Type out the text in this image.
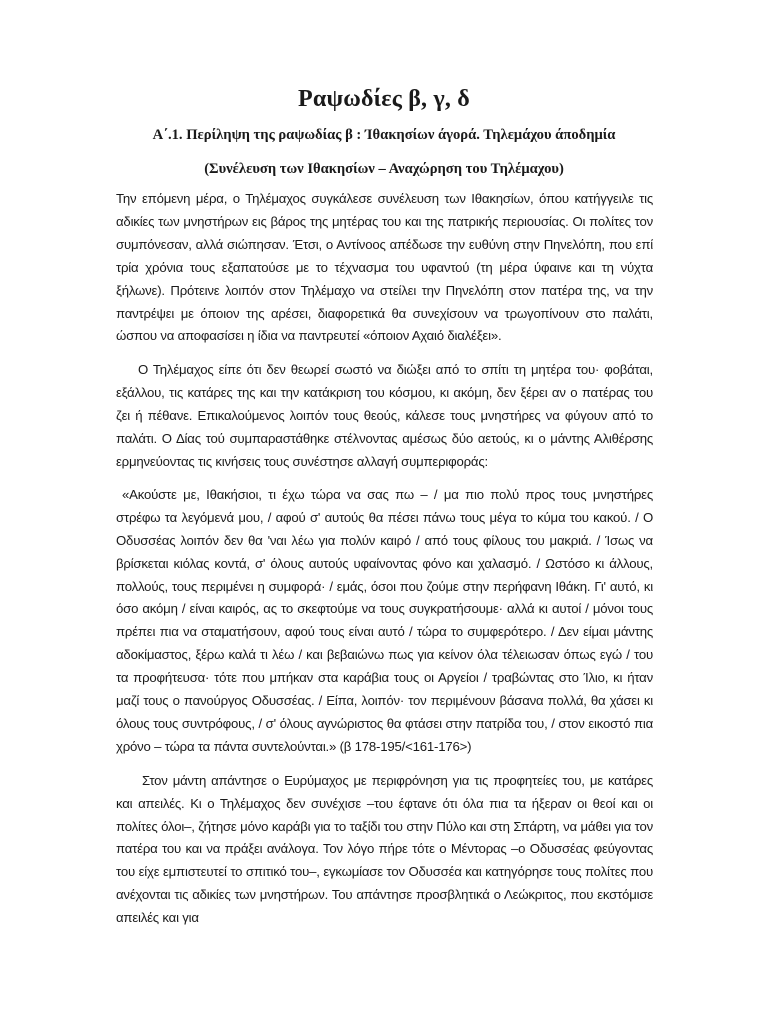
Ραψωδίες β, γ, δ
Α΄.1. Περίληψη της ραψωδίας β : Ίθακησίων άγορά. Τηλεμάχου άποδημία
(Συνέλευση των Ιθακησίων – Αναχώρηση του Τηλέμαχου)

Την επόμενη μέρα, ο Τηλέμαχος συγκάλεσε συνέλευση των Ιθακησίων, όπου κατήγγειλε τις αδικίες των μνηστήρων εις βάρος της μητέρας του και της πατρικής περιουσίας. Οι πολίτες τον συμπόνεσαν, αλλά σιώπησαν. Έτσι, ο Αντίνοος απέδωσε την ευθύνη στην Πηνελόπη, που επί τρία χρόνια τους εξαπατούσε με το τέχνασμα του υφαντού (τη μέρα ύφαινε και τη νύχτα ξήλωνε). Πρότεινε λοιπόν στον Τηλέμαχο να στείλει την Πηνελόπη στον πατέρα της, να την παντρέψει με όποιον της αρέσει, διαφορετικά θα συνεχίσουν να τρωγοπίνουν στο παλάτι, ώσπου να αποφασίσει η ίδια να παντρευτεί «όποιον Αχαιό διαλέξει».

Ο Τηλέμαχος είπε ότι δεν θεωρεί σωστό να διώξει από το σπίτι τη μητέρα του· φοβάται, εξάλλου, τις κατάρες της και την κατάκριση του κόσμου, κι ακόμη, δεν ξέρει αν ο πατέρας του ζει ή πέθανε. Επικαλούμενος λοιπόν τους θεούς, κάλεσε τους μνηστήρες να φύγουν από το παλάτι. Ο Δίας τού συμπαραστάθηκε στέλνοντας αμέσως δύο αετούς, κι ο μάντης Αλιθέρσης ερμηνεύοντας τις κινήσεις τους συνέστησε αλλαγή συμπεριφοράς:

«Ακούστε με, Ιθακήσιοι, τι έχω τώρα να σας πω – / μα πιο πολύ προς τους μνηστήρες στρέφω τα λεγόμενά μου, / αφού σ' αυτούς θα πέσει πάνω τους μέγα το κύμα του κακού. / Ο Οδυσσέας λοιπόν δεν θα 'ναι λέω για πολύν καιρό / από τους φίλους του μακριά. / Ίσως να βρίσκεται κιόλας κοντά, σ' όλους αυτούς υφαίνοντας φόνο και χαλασμό. / Ωστόσο κι άλλους, πολλούς, τους περιμένει η συμφορά· / εμάς, όσοι που ζούμε στην περήφανη Ιθάκη. Γι' αυτό, κι όσο ακόμη / είναι καιρός, ας το σκεφτούμε να τους συγκρατήσουμε· αλλά κι αυτοί / μόνοι τους πρέπει πια να σταματήσουν, αφού τους είναι αυτό / τώρα το συμφερότερο. / Δεν είμαι μάντης αδοκίμαστος, ξέρω καλά τι λέω / και βεβαιώνω πως για κείνον όλα τέλειωσαν όπως εγώ / του τα προφήτευσα· τότε που μπήκαν στα καράβια τους οι Αργείοι / τραβώντας στο Ίλιο, κι ήταν μαζί τους ο πανούργος Οδυσσέας. / Είπα, λοιπόν· τον περιμένουν βάσανα πολλά, θα χάσει κι όλους τους συντρόφους, / σ' όλους αγνώριστος θα φτάσει στην πατρίδα του, / στον εικοστό πια χρόνο – τώρα τα πάντα συντελούνται.» (β 178-195/<161-176>)

Στον μάντη απάντησε ο Ευρύμαχος με περιφρόνηση για τις προφητείες του, με κατάρες και απειλές. Κι ο Τηλέμαχος δεν συνέχισε –του έφτανε ότι όλα πια τα ήξεραν οι θεοί και οι πολίτες όλοι–, ζήτησε μόνο καράβι για το ταξίδι του στην Πύλο και στη Σπάρτη, να μάθει για τον πατέρα του και να πράξει ανάλογα. Τον λόγο πήρε τότε ο Μέντορας –ο Οδυσσέας φεύγοντας του είχε εμπιστευτεί το σπιτικό του–, εγκωμίασε τον Οδυσσέα και κατηγόρησε τους πολίτες που ανέχονται τις αδικίες των μνηστήρων. Του απάντησε προσβλητικά ο Λεώκριτος, που εκστόμισε απειλές και για
